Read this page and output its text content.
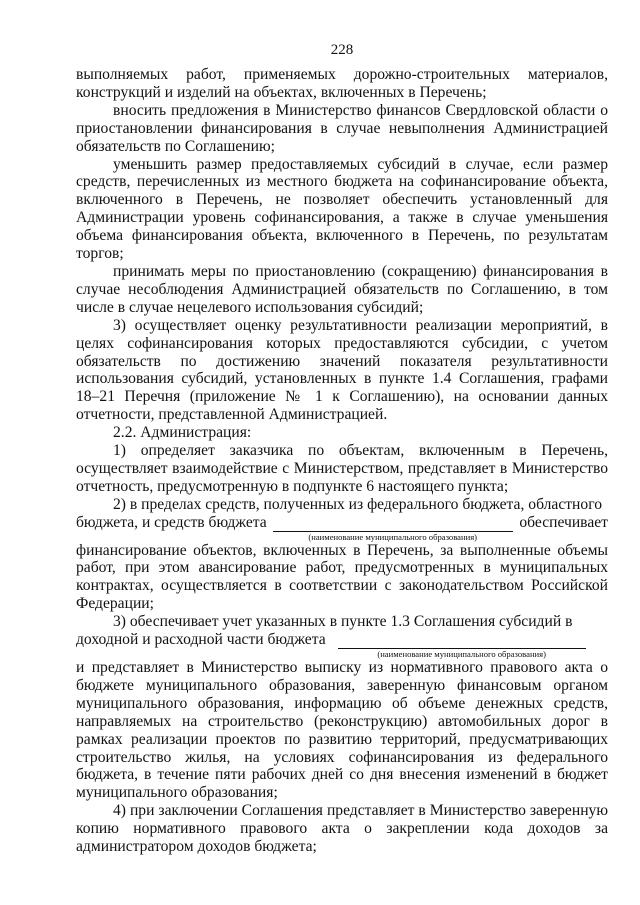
228
выполняемых работ, применяемых дорожно-строительных материалов,

конструкций и изделий на объектах, включенных в Перечень;

вносить предложения в Министерство финансов Свердловской области о приостановлении финансирования в случае невыполнения Администрацией обязательств по Соглашению;

уменьшить размер предоставляемых субсидий в случае, если размер средств, перечисленных из местного бюджета на софинансирование объекта, включенного в Перечень, не позволяет обеспечить установленный для Администрации уровень софинансирования, а также в случае уменьшения объема финансирования объекта, включенного в Перечень, по результатам торгов;

принимать меры по приостановлению (сокращению) финансирования в случае несоблюдения Администрацией обязательств по Соглашению, в том числе в случае нецелевого использования субсидий;

3) осуществляет оценку результативности реализации мероприятий, в целях софинансирования которых предоставляются субсидии, с учетом обязательств по достижению значений показателя результативности использования субсидий, установленных в пункте 1.4 Соглашения, графами 18–21 Перечня (приложение № 1 к Соглашению), на основании данных отчетности, представленной Администрацией.

2.2. Администрация:

1) определяет заказчика по объектам, включенным в Перечень, осуществляет взаимодействие с Министерством, представляет в Министерство отчетность, предусмотренную в подпункте 6 настоящего пункта;

2) в пределах средств, полученных из федерального бюджета, областного

бюджета, и средств бюджета
(наименование муниципального образования)
обеспечивает

финансирование объектов, включенных в Перечень, за выполненные объемы работ, при этом авансирование работ, предусмотренных в муниципальных контрактах, осуществляется в соответствии с законодательством Российской Федерации;

3) обеспечивает учет указанных в пункте 1.3 Соглашения субсидий в

доходной и расходной части бюджета
(наименование муниципального образования)

и представляет в Министерство выписку из нормативного правового акта о бюджете муниципального образования, заверенную финансовым органом муниципального образования, информацию об объеме денежных средств, направляемых на строительство (реконструкцию) автомобильных дорог в рамках реализации проектов по развитию территорий, предусматривающих строительство жилья, на условиях софинансирования из федерального бюджета, в течение пяти рабочих дней со дня внесения изменений в бюджет муниципального образования;

4) при заключении Соглашения представляет в Министерство заверенную копию нормативного правового акта о закреплении кода доходов за администратором доходов бюджета;
